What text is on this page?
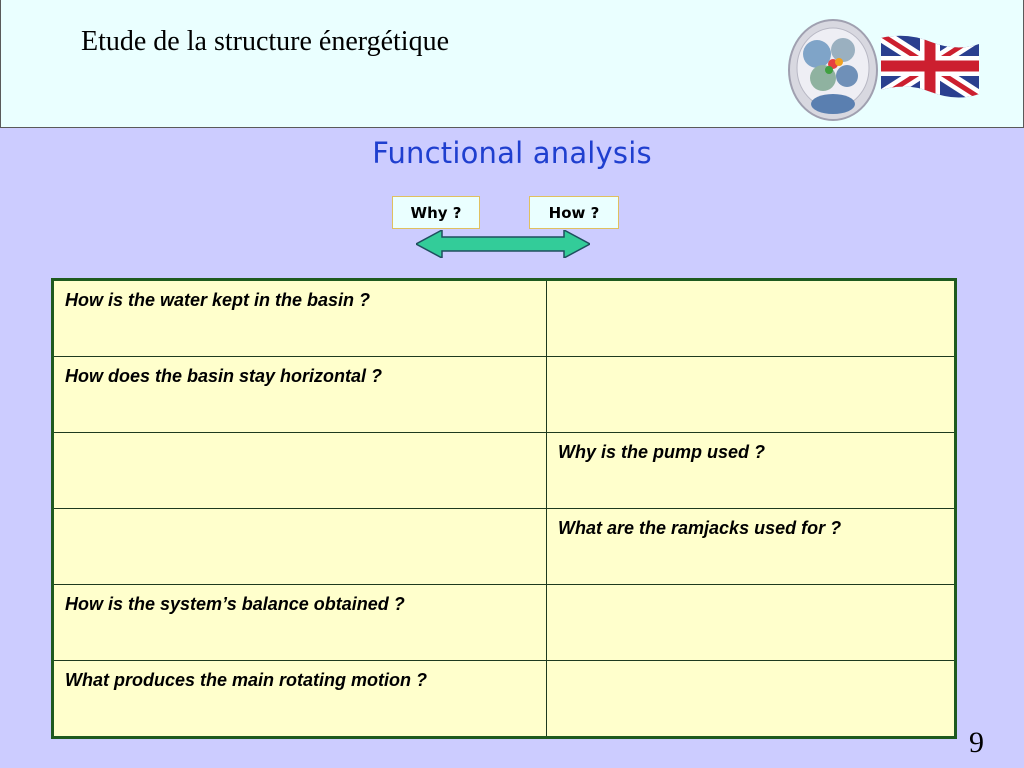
Etude de la structure énergétique
Functional analysis
Why ?	How ?
How is the water kept in the basin ?	
How does the basin stay horizontal ?	
	Why is the pump used ?
	What are the ramjacks used for ?
How is the system’s balance obtained ?	
What produces the main rotating motion ?	
9
